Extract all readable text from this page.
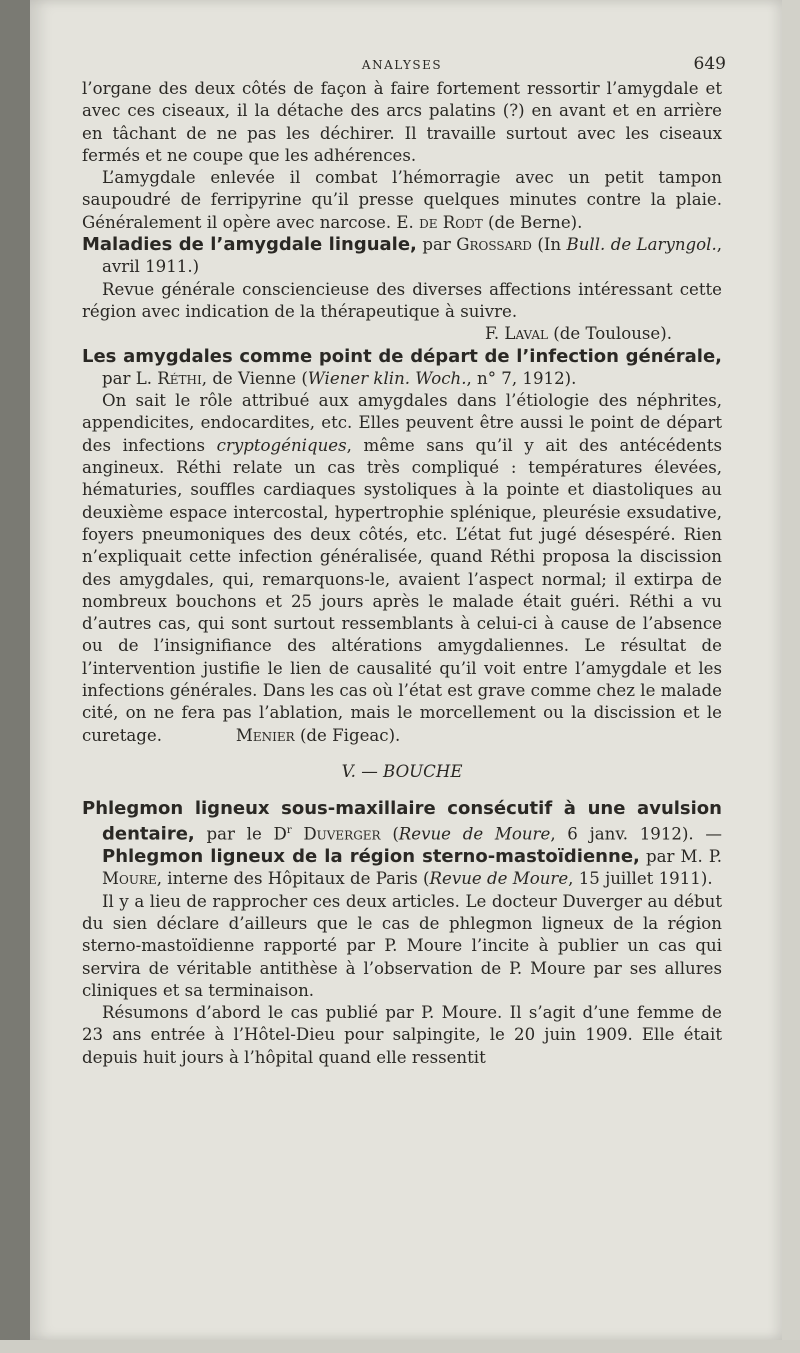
ANALYSES	649

l’organe des deux côtés de façon à faire fortement ressortir l’amygdale et avec ces ciseaux, il la détache des arcs palatins (?) en avant et en arrière en tâchant de ne pas les déchirer. Il travaille surtout avec les ciseaux fermés et ne coupe que les adhérences.

L’amygdale enlevée il combat l’hémorragie avec un petit tampon saupoudré de ferripyrine qu’il presse quelques minutes contre la plaie. Généralement il opère avec narcose. E. de Rodt (de Berne).

Maladies de l’amygdale linguale, par Grossard (In Bull. de Laryngol., avril 1911.)

Revue générale consciencieuse des diverses affections intéressant cette région avec indication de la thérapeutique à suivre.

F. Laval (de Toulouse).

Les amygdales comme point de départ de l’infection générale, par L. Réthi, de Vienne (Wiener klin. Woch., n° 7, 1912).

On sait le rôle attribué aux amygdales dans l’étiologie des néphrites, appendicites, endocardites, etc. Elles peuvent être aussi le point de départ des infections cryptogéniques, même sans qu’il y ait des antécédents angineux. Réthi relate un cas très compliqué : températures élevées, hématuries, souffles cardiaques systoliques à la pointe et diastoliques au deuxième espace intercostal, hypertrophie splénique, pleurésie exsudative, foyers pneumoniques des deux côtés, etc. L’état fut jugé désespéré. Rien n’expliquait cette infection généralisée, quand Réthi proposa la discission des amygdales, qui, remarquons-le, avaient l’aspect normal; il extirpa de nombreux bouchons et 25 jours après le malade était guéri. Réthi a vu d’autres cas, qui sont surtout ressemblants à celui-ci à cause de l’absence ou de l’insignifiance des altérations amygdaliennes. Le résultat de l’intervention justifie le lien de causalité qu’il voit entre l’amygdale et les infections générales. Dans les cas où l’état est grave comme chez le malade cité, on ne fera pas l’ablation, mais le morcellement ou la discission et le curetage.	Menier (de Figeac).

V. — BOUCHE

Phlegmon ligneux sous-maxillaire consécutif à une avulsion dentaire, par le $D^r$ Duverger (Revue de Moure, 6 janv. 1912). — Phlegmon ligneux de la région sterno-mastoïdienne, par M. P. Moure, interne des Hôpitaux de Paris (Revue de Moure, 15 juillet 1911).

Il y a lieu de rapprocher ces deux articles. Le docteur Duverger au début du sien déclare d’ailleurs que le cas de phlegmon ligneux de la région sterno-mastoïdienne rapporté par P. Moure l’incite à publier un cas qui servira de véritable antithèse à l’observation de P. Moure par ses allures cliniques et sa terminaison.

Résumons d’abord le cas publié par P. Moure. Il s’agit d’une femme de 23 ans entrée à l’Hôtel-Dieu pour salpingite, le 20 juin 1909. Elle était depuis huit jours à l’hôpital quand elle ressentit
